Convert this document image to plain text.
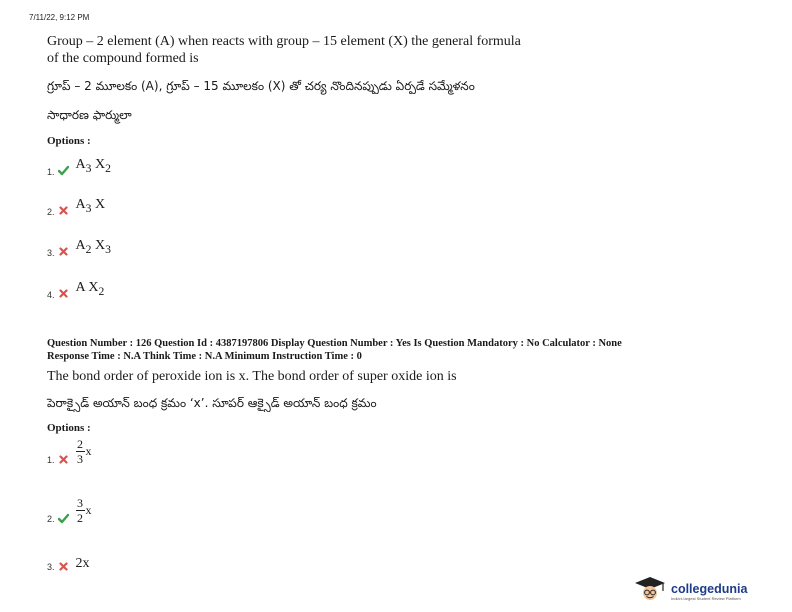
7/11/22, 9:12 PM
Group – 2 element (A) when reacts with group – 15 element (X) the general formula
of the compound formed is
గ్రూప్ – 2 మూలకం (A), గ్రూప్ – 15 మూలకం (X) తో చర్య నొందినప్పుడు ఏర్పడే సమ్మేళనం
సాధారణ ఫార్ములా
Options :
1. $A_3$ $X_2$
2. $A_3$ X
3. $A_2$ $X_3$
4. A $X_2$
Question Number : 126 Question Id : 4387197806 Display Question Number : Yes Is Question Mandatory : No Calculator : None
Response Time : N.A Think Time : N.A Minimum Instruction Time : 0
The bond order of peroxide ion is x. The bond order of super oxide ion is
పెరాక్సైడ్ అయాన్ బంధ క్రమం ‘x’. సూపర్ ఆక్సైడ్ అయాన్ బంధ క్రమం
Options :
1. $\frac{2}{3}$ x
2. $\frac{3}{2}$ x
3. 2x
collegedunia
India's largest Student Review Platform
